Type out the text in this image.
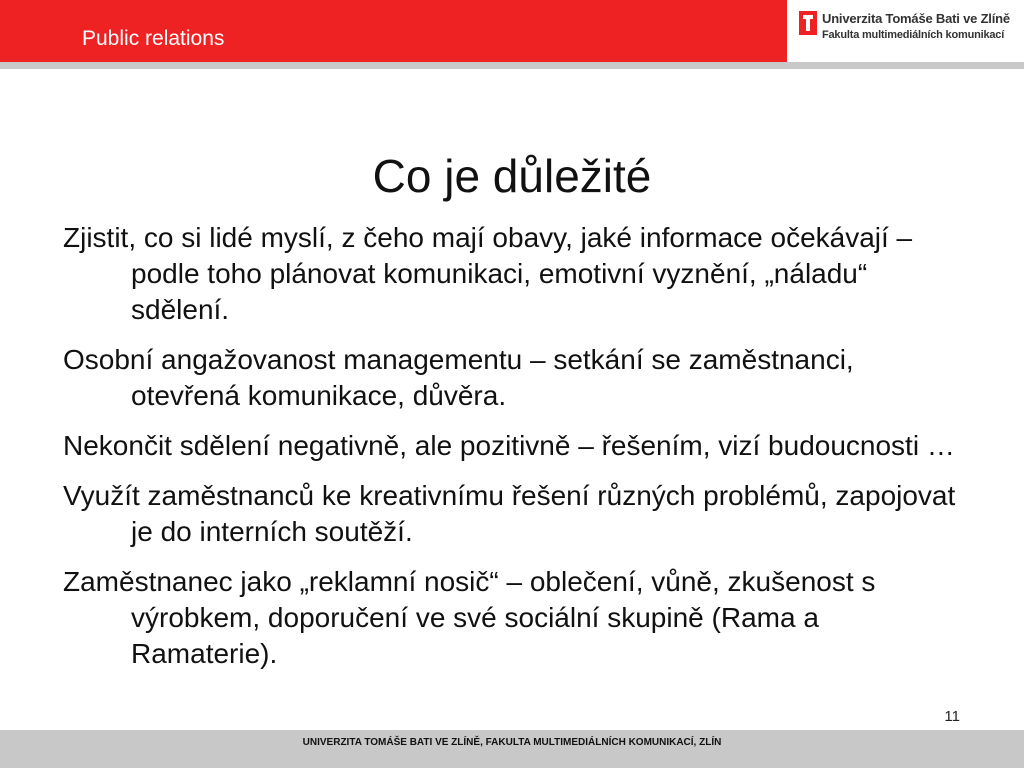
Public relations
Univerzita Tomáše Bati ve Zlíně
Fakulta multimediálních komunikací
Co je důležité
Zjistit, co si lidé myslí, z čeho mají obavy, jaké informace očekávají – podle toho plánovat komunikaci, emotivní vyznění, „náladu“ sdělení.
Osobní angažovanost managementu – setkání se zaměstnanci, otevřená komunikace, důvěra.
Nekončit sdělení negativně, ale pozitivně – řešením, vizí budoucnosti …
Využít zaměstnanců ke kreativnímu řešení různých problémů, zapojovat je do interních soutěží.
Zaměstnanec jako „reklamní nosič“ – oblečení, vůně, zkušenost s výrobkem, doporučení ve své sociální skupině (Rama a Ramaterie).
11
UNIVERZITA TOMÁŠE BATI VE ZLÍNĚ, FAKULTA MULTIMEDIÁLNÍCH KOMUNIKACÍ, ZLÍN
